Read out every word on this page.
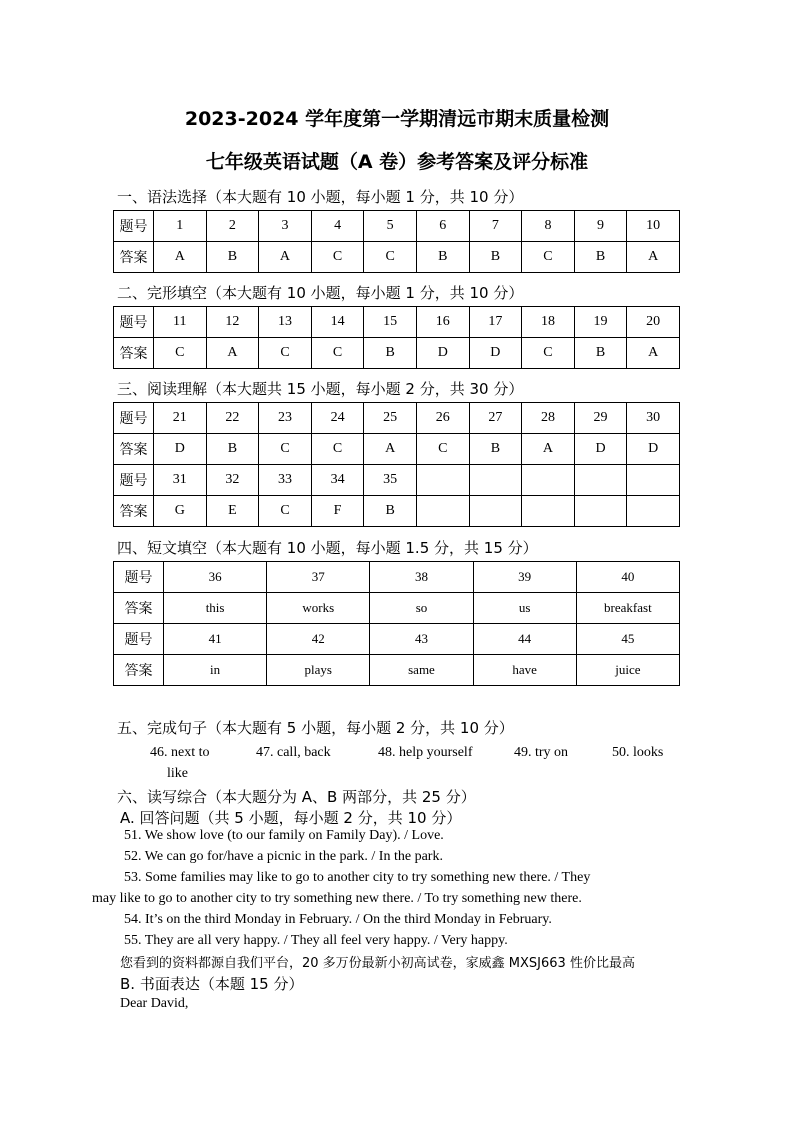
2023-2024 学年度第一学期清远市期末质量检测
七年级英语试题（A 卷）参考答案及评分标准
一、语法选择（本大题有 10 小题，每小题 1 分，共 10 分）
题号	1	2	3	4	5	6	7	8	9	10
答案	A	B	A	C	C	B	B	C	B	A
二、完形填空（本大题有 10 小题，每小题 1 分，共 10 分）
题号	11	12	13	14	15	16	17	18	19	20
答案	C	A	C	C	B	D	D	C	B	A
三、阅读理解（本大题共 15 小题，每小题 2 分，共 30 分）
题号	21	22	23	24	25	26	27	28	29	30
答案	D	B	C	C	A	C	B	A	D	D
题号	31	32	33	34	35					
答案	G	E	C	F	B					
四、短文填空（本大题有 10 小题，每小题 1.5 分，共 15 分）
题号	36	37	38	39	40
答案	this	works	so	us	breakfast
题号	41	42	43	44	45
答案	in	plays	same	have	juice
五、完成句子（本大题有 5 小题，每小题 2 分，共 10 分）
46. next to	47. call, back	48. help yourself	49. try on	50. looks
like
六、读写综合（本大题分为 A、B 两部分，共 25 分）
A. 回答问题（共 5 小题，每小题 2 分，共 10 分）
51. We show love (to our family on Family Day). / Love.
52. We can go for/have a picnic in the park. / In the park.
53. Some families may like to go to another city to try something new there. / They
may like to go to another city to try something new there. / To try something new there.
54. It’s on the third Monday in February. / On the third Monday in February.
55. They are all very happy. / They all feel very happy. / Very happy.
您看到的资料都源自我们平台，20 多万份最新小初高试卷，家威鑫 MXSJ663 性价比最高
B. 书面表达（本题 15 分）
Dear David,
